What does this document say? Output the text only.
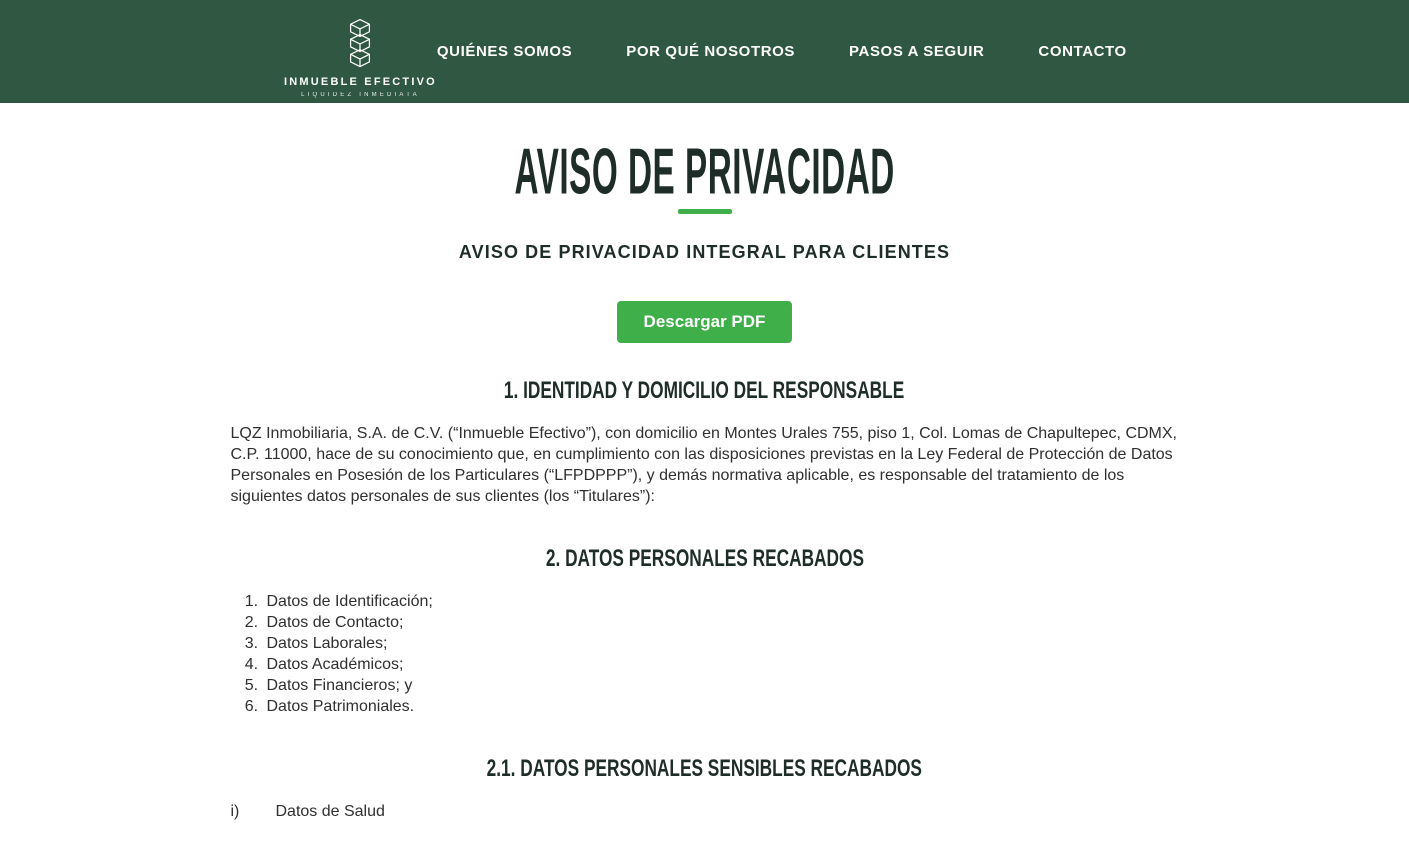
INMUEBLE EFECTIVO
LIQUIDEZ INMEDIATA
QUIÉNES SOMOS	POR QUÉ NOSOTROS	PASOS A SEGUIR	CONTACTO
AVISO DE PRIVACIDAD
AVISO DE PRIVACIDAD INTEGRAL PARA CLIENTES
Descargar PDF
1. IDENTIDAD Y DOMICILIO DEL RESPONSABLE

LQZ Inmobiliaria, S.A. de C.V. (“Inmueble Efectivo”), con domicilio en Montes Urales 755, piso 1, Col. Lomas de Chapultepec, CDMX, C.P. 11000, hace de su conocimiento que, en cumplimiento con las disposiciones previstas en la Ley Federal de Protección de Datos Personales en Posesión de los Particulares (“LFPDPPP”), y demás normativa aplicable, es responsable del tratamiento de los siguientes datos personales de sus clientes (los “Titulares”):

2. DATOS PERSONALES RECABADOS
1. Datos de Identificación;
2. Datos de Contacto;
3. Datos Laborales;
4. Datos Académicos;
5. Datos Financieros; y
6. Datos Patrimoniales.
2.1. DATOS PERSONALES SENSIBLES RECABADOS
i) Datos de Salud
